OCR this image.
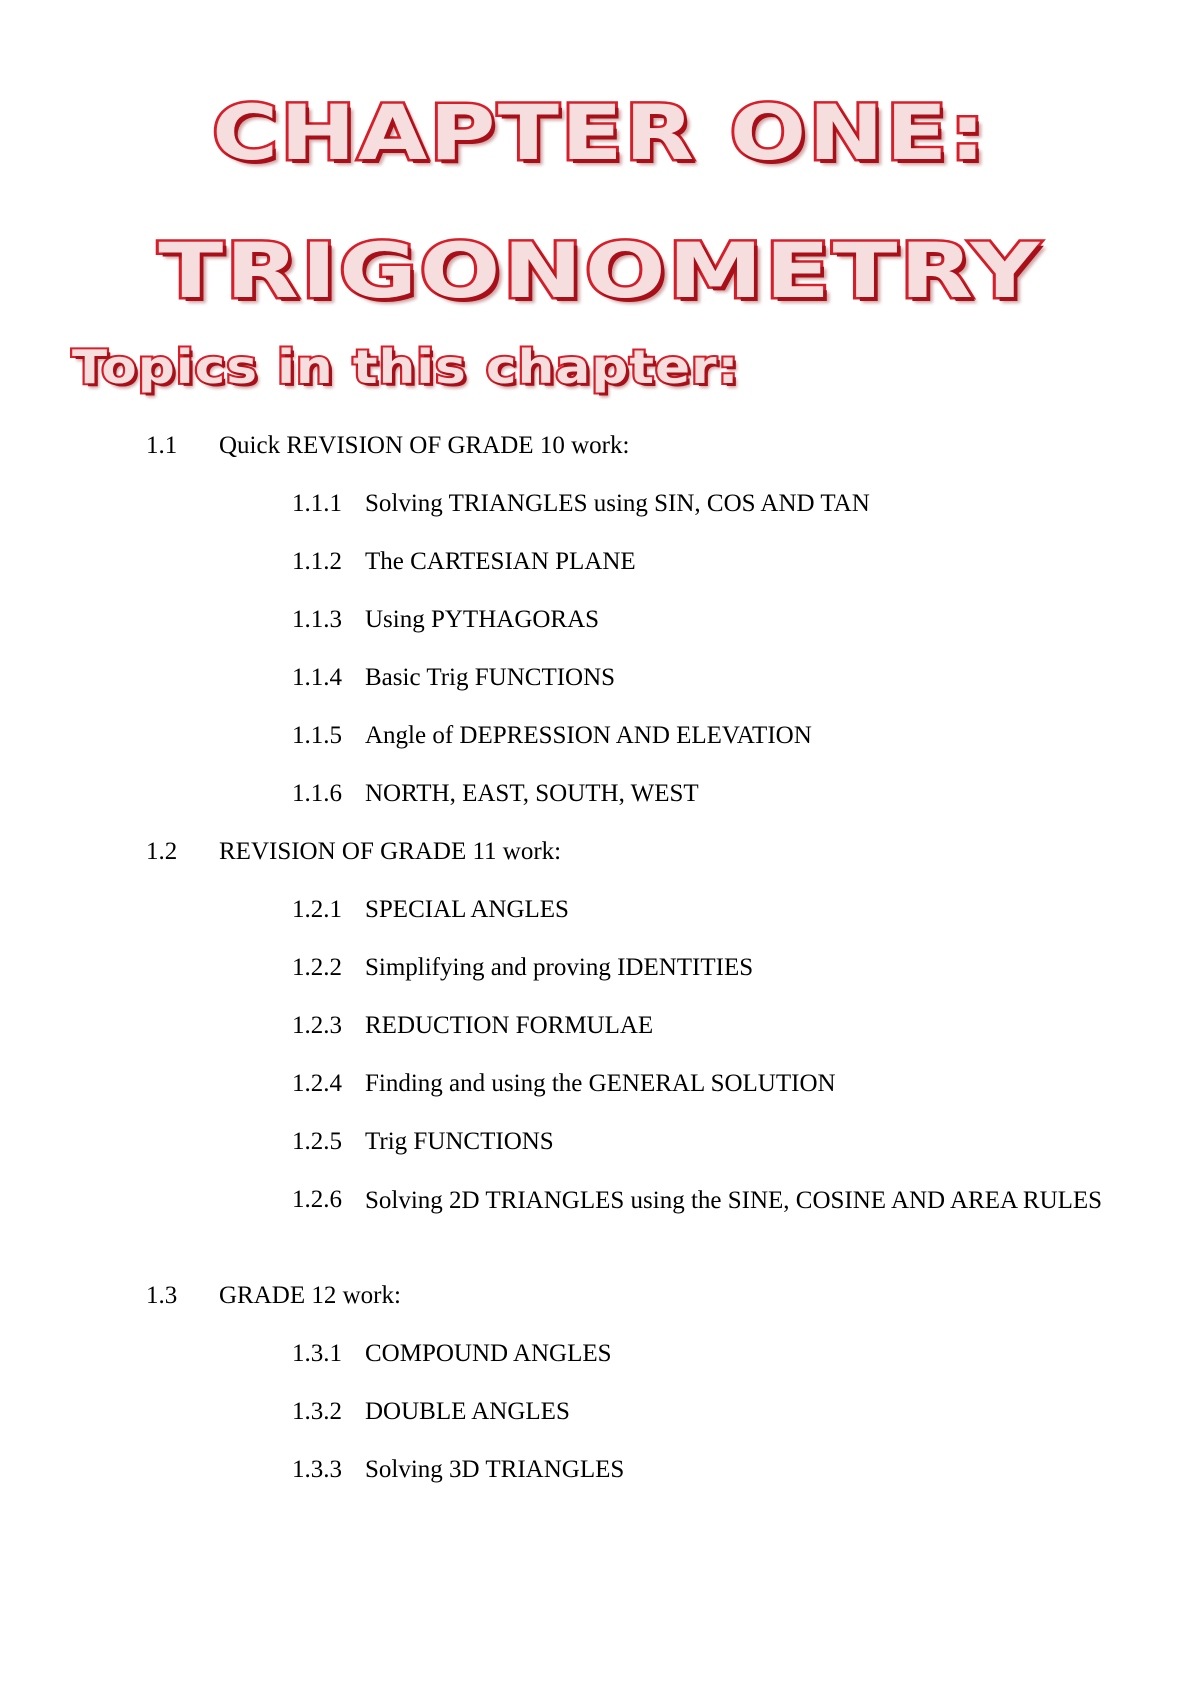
CHAPTER ONE:
TRIGONOMETRY
Topics in this chapter:
1.1 Quick REVISION OF GRADE 10 work:
1.1.1 Solving TRIANGLES using SIN, COS AND TAN
1.1.2 The CARTESIAN PLANE
1.1.3 Using PYTHAGORAS
1.1.4 Basic Trig FUNCTIONS
1.1.5 Angle of DEPRESSION AND ELEVATION
1.1.6 NORTH, EAST, SOUTH, WEST
1.2 REVISION OF GRADE 11 work:
1.2.1 SPECIAL ANGLES
1.2.2 Simplifying and proving IDENTITIES
1.2.3 REDUCTION FORMULAE
1.2.4 Finding and using the GENERAL SOLUTION
1.2.5 Trig FUNCTIONS
1.2.6 Solving 2D TRIANGLES using the SINE, COSINE AND AREA RULES
1.3 GRADE 12 work:
1.3.1 COMPOUND ANGLES
1.3.2 DOUBLE ANGLES
1.3.3 Solving 3D TRIANGLES
